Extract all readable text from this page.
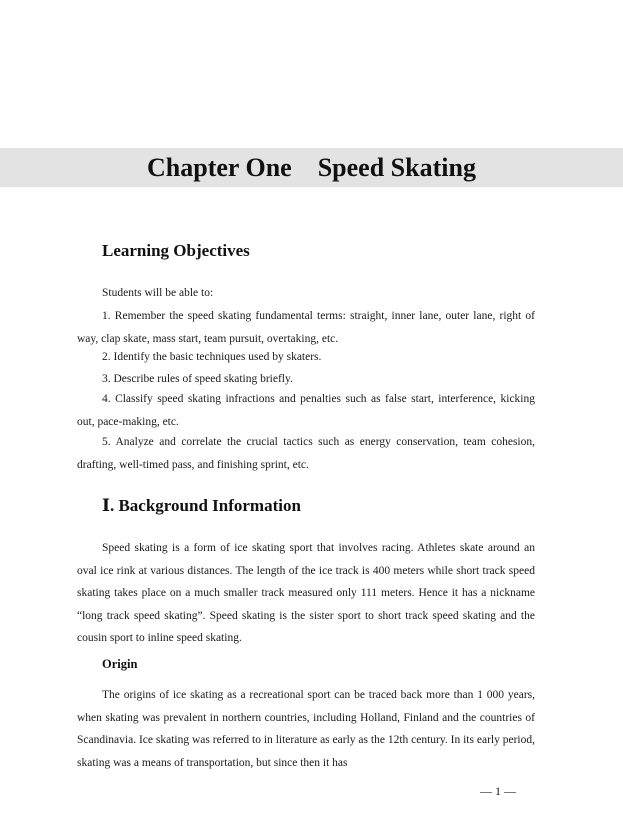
Chapter One    Speed Skating
Learning Objectives

Students will be able to:

1. Remember the speed skating fundamental terms: straight, inner lane, outer lane, right of way, clap skate, mass start, team pursuit, overtaking, etc.

2. Identify the basic techniques used by skaters.

3. Describe rules of speed skating briefly.

4. Classify speed skating infractions and penalties such as false start, interference, kicking out, pace-making, etc.

5. Analyze and correlate the crucial tactics such as energy conservation, team cohesion, drafting, well-timed pass, and finishing sprint, etc.

Ⅰ. Background Information

Speed skating is a form of ice skating sport that involves racing. Athletes skate around an oval ice rink at various distances. The length of the ice track is 400 meters while short track speed skating takes place on a much smaller track measured only 111 meters. Hence it has a nickname “long track speed skating”. Speed skating is the sister sport to short track speed skating and the cousin sport to inline speed skating.

Origin

The origins of ice skating as a recreational sport can be traced back more than 1 000 years, when skating was prevalent in northern countries, including Holland, Finland and the countries of Scandinavia. Ice skating was referred to in literature as early as the 12th century. In its early period, skating was a means of transportation, but since then it has

— 1 —
